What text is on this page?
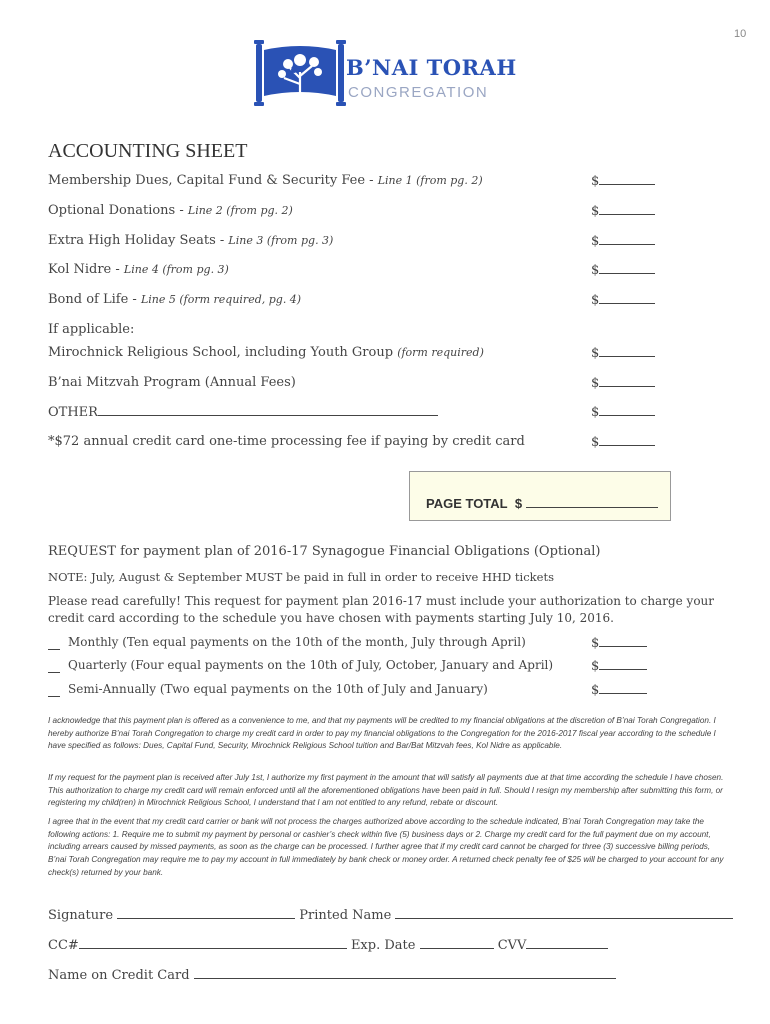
10
B’NAI TORAH
CONGREGATION
ACCOUNTING SHEET
Membership Dues, Capital Fund & Security Fee - Line 1 (from pg. 2)	$
Optional Donations - Line 2 (from pg. 2)	$
Extra High Holiday Seats - Line 3 (from pg. 3)	$
Kol Nidre - Line 4 (from pg. 3)	$
Bond of Life - Line 5 (form required, pg. 4)	$
If applicable:
Mirochnick Religious School, including Youth Group (form required)	$
B’nai Mitzvah Program (Annual Fees)	$
OTHER	$
*$72 annual credit card one-time processing fee if paying by credit card	$
PAGE TOTAL $
REQUEST for payment plan of 2016-17 Synagogue Financial Obligations (Optional)
NOTE: July, August & September MUST be paid in full in order to receive HHD tickets
Please read carefully! This request for payment plan 2016-17 must include your authorization to charge your credit card according to the schedule you have chosen with payments starting July 10, 2016.
Monthly (Ten equal payments on the 10th of the month, July through April)	$
Quarterly (Four equal payments on the 10th of July, October, January and April)	$
Semi-Annually (Two equal payments on the 10th of July and January)	$
I acknowledge that this payment plan is offered as a convenience to me, and that my payments will be credited to my financial obligations at the discretion of B’nai Torah Congregation. I hereby authorize B’nai Torah Congregation to charge my credit card in order to pay my financial obligations to the Congregation for the 2016-2017 fiscal year according to the schedule I have specified as follows: Dues, Capital Fund, Security, Mirochnick Religious School tuition and Bar/Bat Mitzvah fees, Kol Nidre as applicable.
If my request for the payment plan is received after July 1st, I authorize my first payment in the amount that will satisfy all payments due at that time according the schedule I have chosen. This authorization to charge my credit card will remain enforced until all the aforementioned obligations have been paid in full. Should I resign my membership after submitting this form, or registering my child(ren) in Mirochnick Religious School, I understand that I am not entitled to any refund, rebate or discount.
I agree that in the event that my credit card carrier or bank will not process the charges authorized above according to the schedule indicated, B’nai Torah Congregation may take the following actions: 1. Require me to submit my payment by personal or cashier’s check within five (5) business days or 2. Charge my credit card for the full payment due on my account, including arrears caused by missed payments, as soon as the charge can be processed. I further agree that if my credit card cannot be charged for three (3) successive billing periods, B’nai Torah Congregation may require me to pay my account in full immediately by bank check or money order. A returned check penalty fee of $25 will be charged to your account for any check(s) returned by your bank.
Signature	Printed Name
CC#	Exp. Date	CVV
Name on Credit Card
